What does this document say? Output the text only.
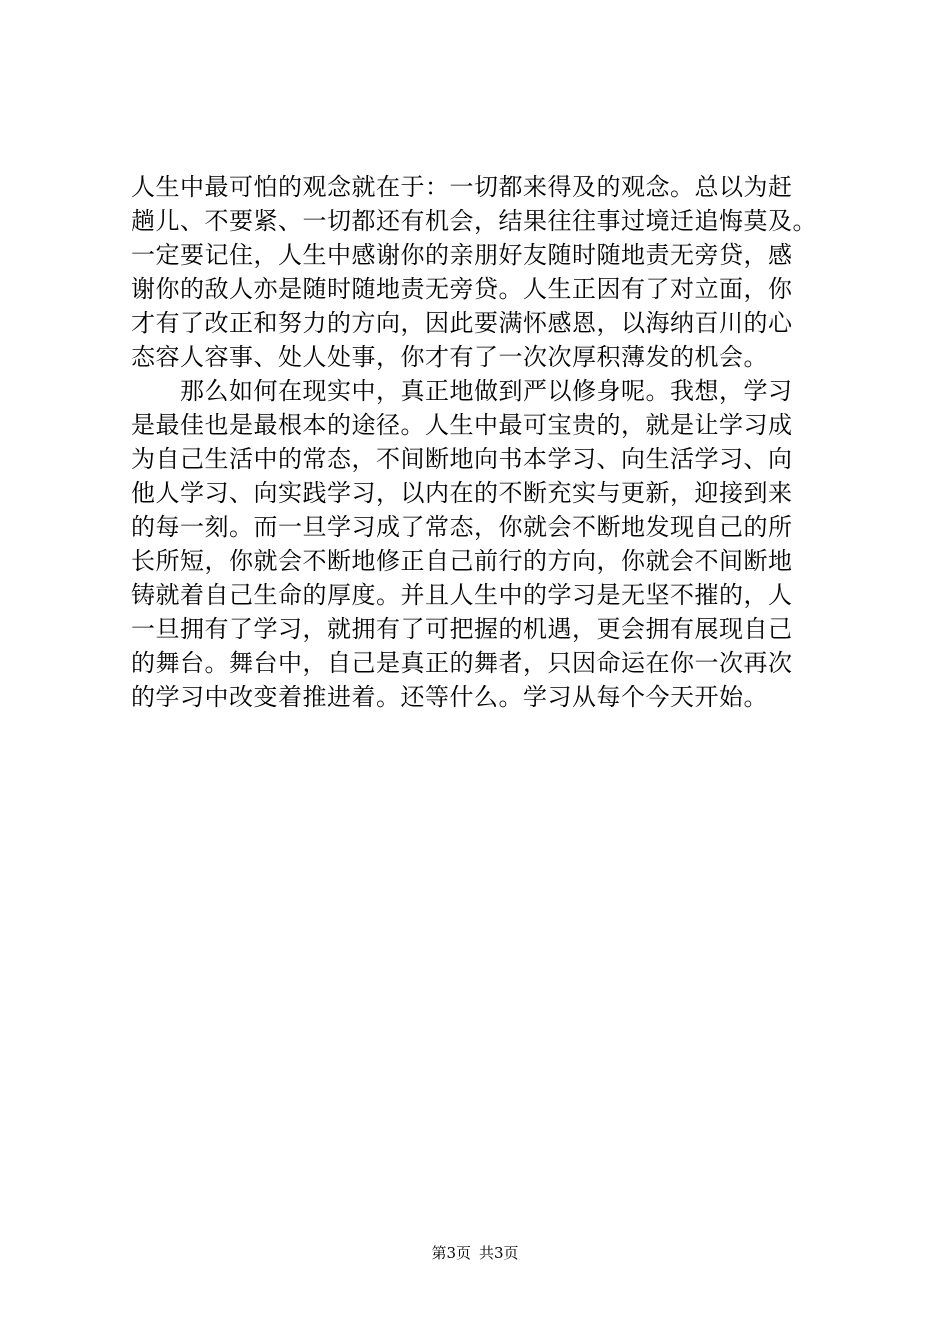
人生中最可怕的观念就在于：一切都来得及的观念。总以为赶
趟儿、不要紧、一切都还有机会，结果往往事过境迁追悔莫及。
一定要记住，人生中感谢你的亲朋好友随时随地责无旁贷，感
谢你的敌人亦是随时随地责无旁贷。人生正因有了对立面，你
才有了改正和努力的方向，因此要满怀感恩，以海纳百川的心
态容人容事、处人处事，你才有了一次次厚积薄发的机会。
　　那么如何在现实中，真正地做到严以修身呢。我想，学习
是最佳也是最根本的途径。人生中最可宝贵的，就是让学习成
为自己生活中的常态，不间断地向书本学习、向生活学习、向
他人学习、向实践学习，以内在的不断充实与更新，迎接到来
的每一刻。而一旦学习成了常态，你就会不断地发现自己的所
长所短，你就会不断地修正自己前行的方向，你就会不间断地
铸就着自己生命的厚度。并且人生中的学习是无坚不摧的，人
一旦拥有了学习，就拥有了可把握的机遇，更会拥有展现自己
的舞台。舞台中，自己是真正的舞者，只因命运在你一次再次
的学习中改变着推进着。还等什么。学习从每个今天开始。
第3页 共3页
